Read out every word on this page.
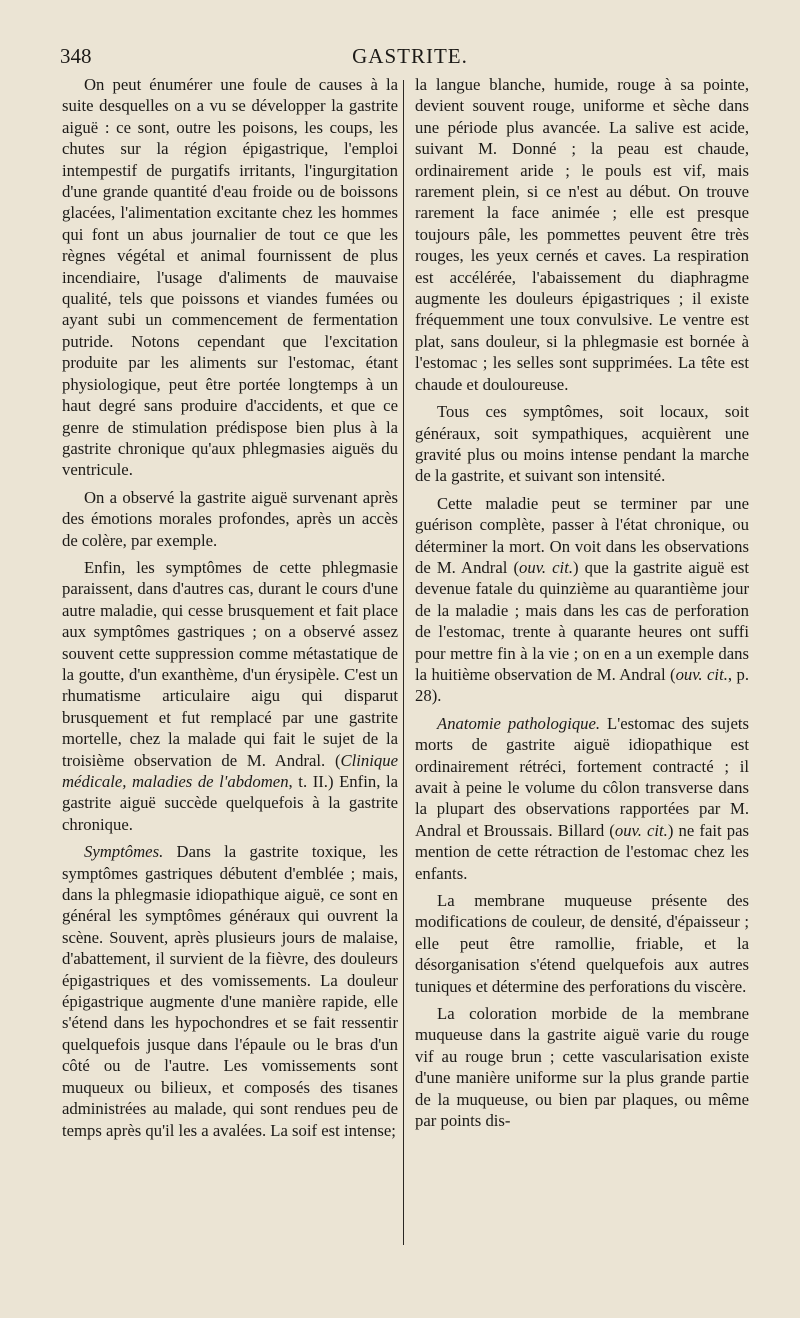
348	GASTRITE.

On peut énumérer une foule de causes à la suite desquelles on a vu se développer la gastrite aiguë : ce sont, outre les poisons, les coups, les chutes sur la région épigastrique, l'emploi intempestif de purgatifs irritants, l'ingurgitation d'une grande quantité d'eau froide ou de boissons glacées, l'alimentation excitante chez les hommes qui font un abus journalier de tout ce que les règnes végétal et animal fournissent de plus incendiaire, l'usage d'aliments de mauvaise qualité, tels que poissons et viandes fumées ou ayant subi un commencement de fermentation putride. Notons cependant que l'excitation produite par les aliments sur l'estomac, étant physiologique, peut être portée longtemps à un haut degré sans produire d'accidents, et que ce genre de stimulation prédispose bien plus à la gastrite chronique qu'aux phlegmasies aiguës du ventricule.

On a observé la gastrite aiguë survenant après des émotions morales profondes, après un accès de colère, par exemple.

Enfin, les symptômes de cette phlegmasie paraissent, dans d'autres cas, durant le cours d'une autre maladie, qui cesse brusquement et fait place aux symptômes gastriques ; on a observé assez souvent cette suppression comme métastatique de la goutte, d'un exanthème, d'un érysipèle. C'est un rhumatisme articulaire aigu qui disparut brusquement et fut remplacé par une gastrite mortelle, chez la malade qui fait le sujet de la troisième observation de M. Andral. (Clinique médicale, maladies de l'abdomen, t. II.) Enfin, la gastrite aiguë succède quelquefois à la gastrite chronique.

Symptômes. Dans la gastrite toxique, les symptômes gastriques débutent d'emblée ; mais, dans la phlegmasie idiopathique aiguë, ce sont en général les symptômes généraux qui ouvrent la scène. Souvent, après plusieurs jours de malaise, d'abattement, il survient de la fièvre, des douleurs épigastriques et des vomissements. La douleur épigastrique augmente d'une manière rapide, elle s'étend dans les hypochondres et se fait ressentir quelquefois jusque dans l'épaule ou le bras d'un côté ou de l'autre. Les vomissements sont muqueux ou bilieux, et composés des tisanes administrées au malade, qui sont rendues peu de temps après qu'il les a avalées. La soif est intense;

la langue blanche, humide, rouge à sa pointe, devient souvent rouge, uniforme et sèche dans une période plus avancée. La salive est acide, suivant M. Donné ; la peau est chaude, ordinairement aride ; le pouls est vif, mais rarement plein, si ce n'est au début. On trouve rarement la face animée ; elle est presque toujours pâle, les pommettes peuvent être très rouges, les yeux cernés et caves. La respiration est accélérée, l'abaissement du diaphragme augmente les douleurs épigastriques ; il existe fréquemment une toux convulsive. Le ventre est plat, sans douleur, si la phlegmasie est bornée à l'estomac ; les selles sont supprimées. La tête est chaude et douloureuse.

Tous ces symptômes, soit locaux, soit généraux, soit sympathiques, acquièrent une gravité plus ou moins intense pendant la marche de la gastrite, et suivant son intensité.

Cette maladie peut se terminer par une guérison complète, passer à l'état chronique, ou déterminer la mort. On voit dans les observations de M. Andral (ouv. cit.) que la gastrite aiguë est devenue fatale du quinzième au quarantième jour de la maladie ; mais dans les cas de perforation de l'estomac, trente à quarante heures ont suffi pour mettre fin à la vie ; on en a un exemple dans la huitième observation de M. Andral (ouv. cit., p. 28).

Anatomie pathologique. L'estomac des sujets morts de gastrite aiguë idiopathique est ordinairement rétréci, fortement contracté ; il avait à peine le volume du côlon transverse dans la plupart des observations rapportées par M. Andral et Broussais. Billard (ouv. cit.) ne fait pas mention de cette rétraction de l'estomac chez les enfants.

La membrane muqueuse présente des modifications de couleur, de densité, d'épaisseur ; elle peut être ramollie, friable, et la désorganisation s'étend quelquefois aux autres tuniques et détermine des perforations du viscère.

La coloration morbide de la membrane muqueuse dans la gastrite aiguë varie du rouge vif au rouge brun ; cette vascularisation existe d'une manière uniforme sur la plus grande partie de la muqueuse, ou bien par plaques, ou même par points dis-
